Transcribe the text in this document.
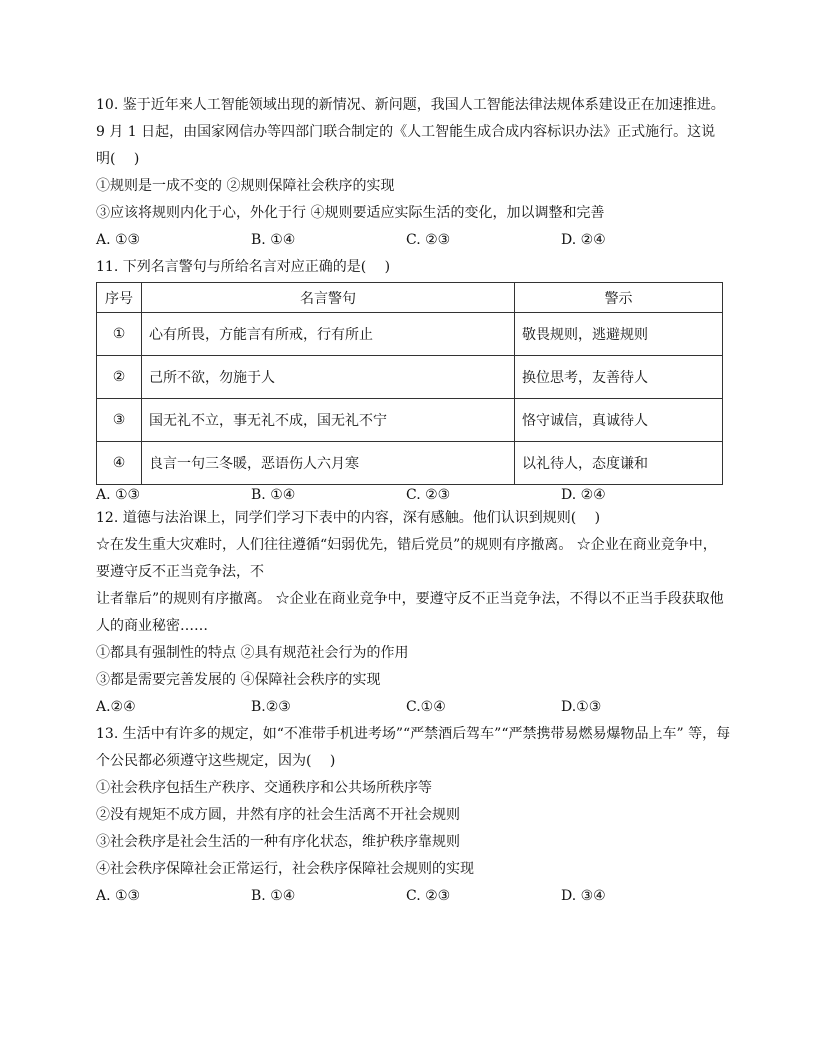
10. 鉴于近年来人工智能领域出现的新情况、新问题，我国人工智能法律法规体系建设正在加速推进。
9 月 1 日起，由国家网信办等四部门联合制定的《人工智能生成合成内容标识办法》正式施行。这说
明(　 )
①规则是一成不变的 ②规则保障社会秩序的实现
③应该将规则内化于心，外化于行 ④规则要适应实际生活的变化，加以调整和完善
A. ①③	B. ①④	C. ②③	D. ②④
11. 下列名言警句与所给名言对应正确的是(　 )
序号	名言警句	警示
①	心有所畏，方能言有所戒，行有所止	敬畏规则，逃避规则
②	己所不欲，勿施于人	换位思考，友善待人
③	国无礼不立，事无礼不成，国无礼不宁	恪守诚信，真诚待人
④	良言一句三冬暖，恶语伤人六月寒	以礼待人，态度谦和
A. ①③	B. ①④	C. ②③	D. ②④
12. 道德与法治课上，同学们学习下表中的内容，深有感触。他们认识到规则(　 )
☆在发生重大灾难时，人们往往遵循“妇弱优先，错后党员”的规则有序撤离。 ☆企业在商业竞争中，
要遵守反不正当竞争法，不
让者靠后”的规则有序撤离。 ☆企业在商业竞争中，要遵守反不正当竞争法，不得以不正当手段获取他
人的商业秘密……
①都具有强制性的特点 ②具有规范社会行为的作用
③都是需要完善发展的 ④保障社会秩序的实现
A.②④	B.②③	C.①④	D.①③
13. 生活中有许多的规定，如“不准带手机进考场”“严禁酒后驾车”“严禁携带易燃易爆物品上车” 等，每
个公民都必须遵守这些规定，因为(　 )
①社会秩序包括生产秩序、交通秩序和公共场所秩序等
②没有规矩不成方圆，井然有序的社会生活离不开社会规则
③社会秩序是社会生活的一种有序化状态，维护秩序靠规则
④社会秩序保障社会正常运行，社会秩序保障社会规则的实现
A. ①③	B. ①④	C. ②③	D. ③④
